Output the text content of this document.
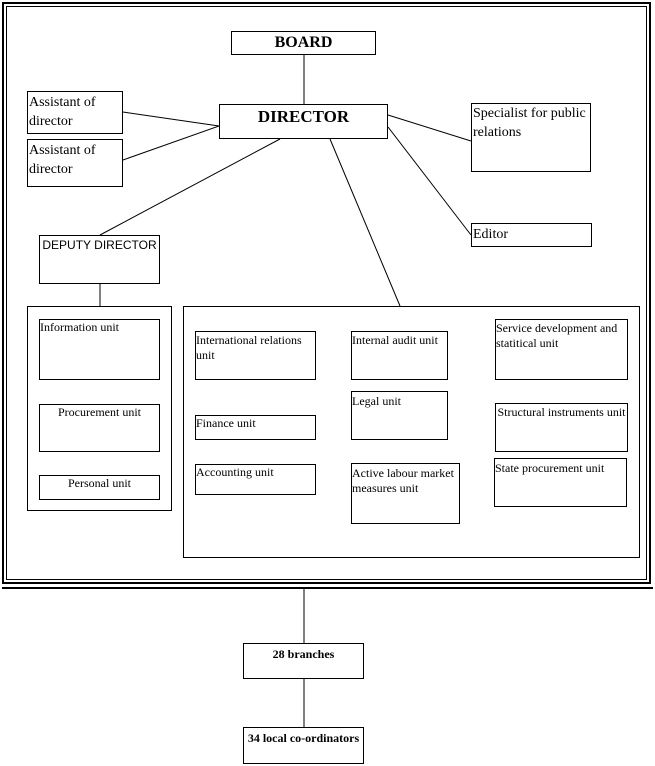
BOARD
DIRECTOR
Assistant of director
Assistant of director
Specialist for public relations
Editor
DEPUTY DIRECTOR
Information unit
Procurement unit
Personal unit
International relations unit
Finance unit
Accounting unit
Internal audit unit
Legal unit
Active labour market measures unit
Service development and statitical unit
Structural instruments unit
State procurement unit
28 branches
34 local co-ordinators
